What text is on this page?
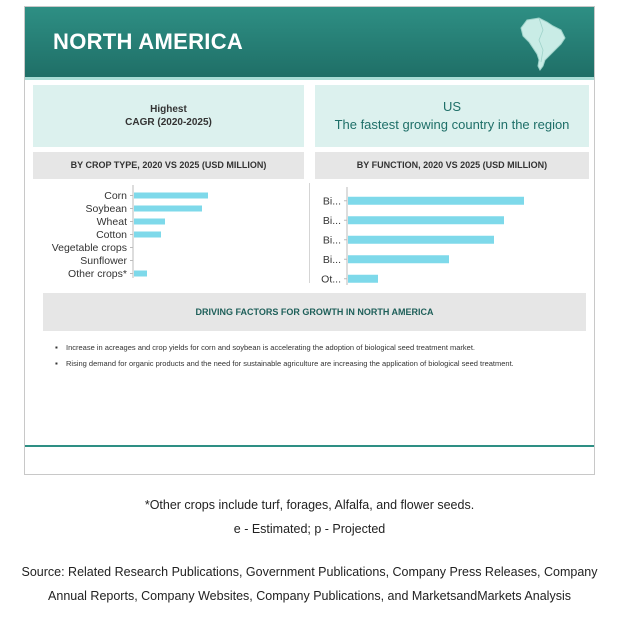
NORTH AMERICA
Highest
CAGR (2020-2025)
US
The fastest growing country in the region
BY CROP TYPE, 2020 VS 2025 (USD MILLION)	BY FUNCTION, 2020 VS 2025 (USD MILLION)
Corn
Soybean
Wheat
Cotton
Vegetable crops
Sunflower
Other crops*
Bi...
Bi...
Bi...
Bi...
Ot...
DRIVING FACTORS FOR GROWTH IN NORTH AMERICA
▪ Increase in acreages and crop yields for corn and soybean is accelerating the adoption of biological seed treatment market.
▪ Rising demand for organic products and the need for sustainable agriculture are increasing the application of biological seed treatment.
*Other crops include turf, forages, Alfalfa, and flower seeds.
e - Estimated; p - Projected
Source: Related Research Publications, Government Publications, Company Press Releases, Company Annual Reports, Company Websites, Company Publications, and MarketsandMarkets Analysis
